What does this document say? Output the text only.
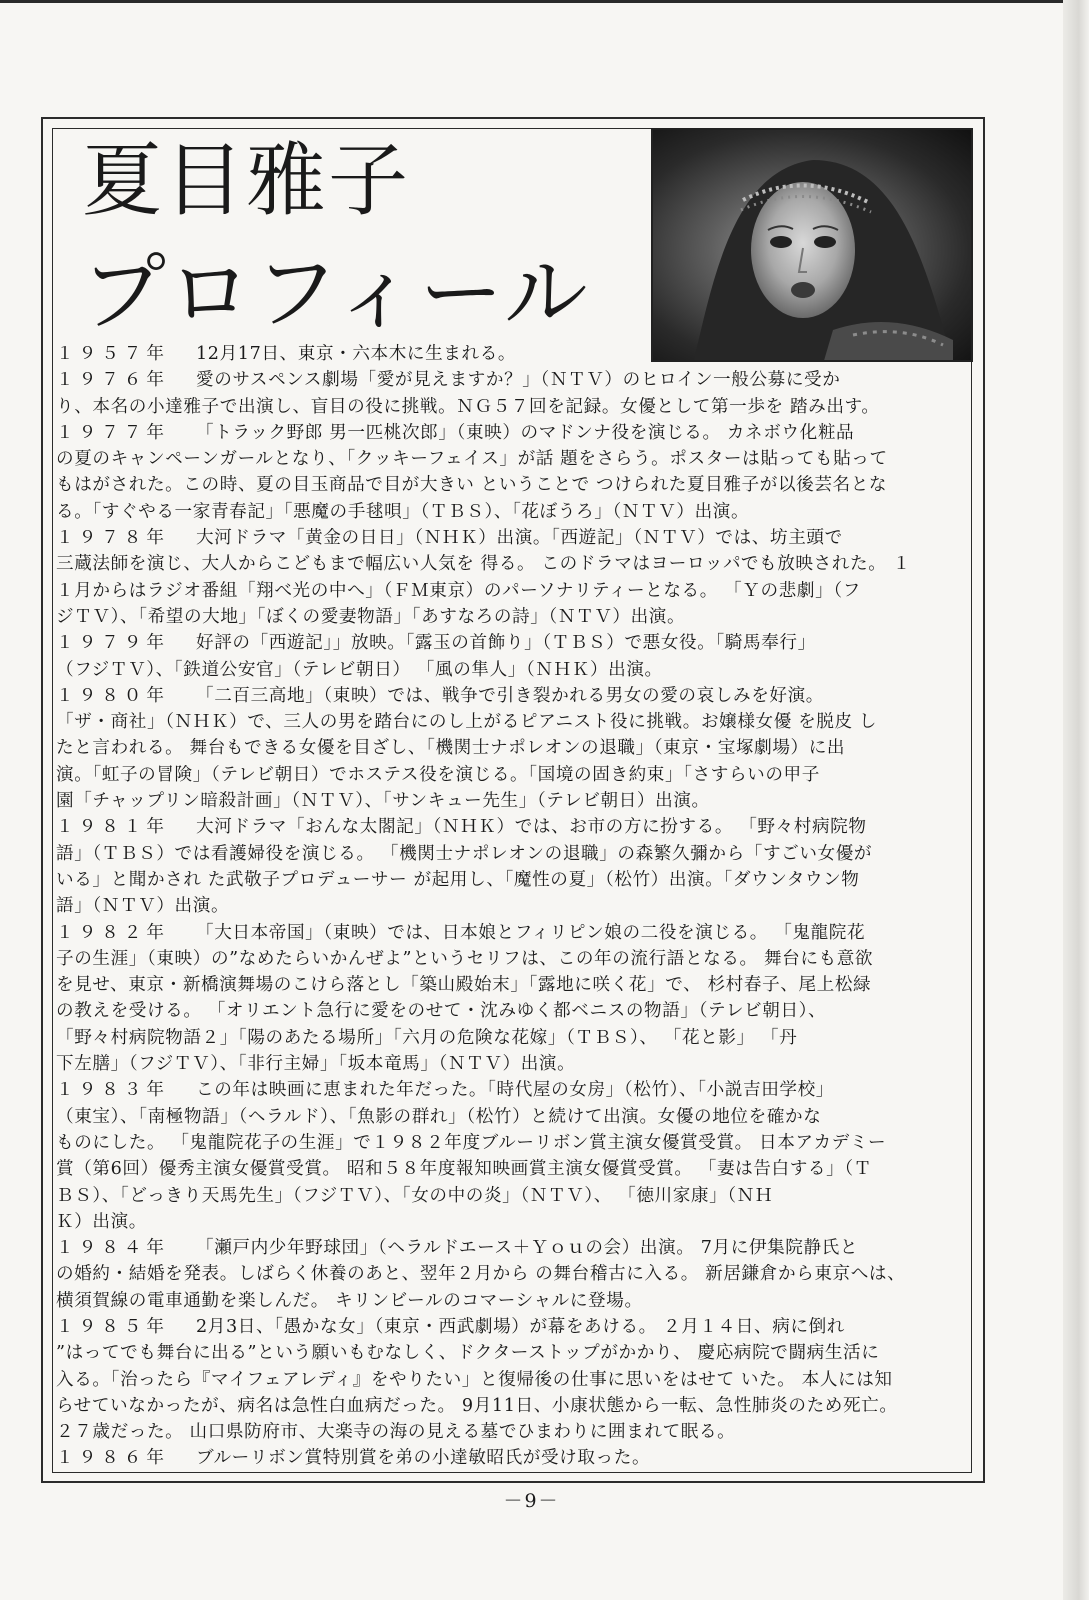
夏目雅子
プロフィール
１９５７年 12月17日、東京・六本木に生まれる。
１９７６年 愛のサスペンス劇場「愛が見えますか？」（ＮＴＶ）のヒロイン一般公募に受か
り、本名の小達雅子で出演し、盲目の役に挑戦。ＮＧ５７回を記録。女優として第一歩を 踏み出す。
１９７７年 「トラック野郎 男一匹桃次郎」（東映）のマドンナ役を演じる。 カネボウ化粧品
の夏のキャンペーンガールとなり、「クッキーフェイス」が話 題をさらう。ポスターは貼っても貼って
もはがされた。この時、夏の目玉商品で目が大きい ということで つけられた夏目雅子が以後芸名とな
る。「すぐやる一家青春記」「悪魔の手毬唄」（ＴＢＳ）、「花ぼうろ」（ＮＴＶ）出演。
１９７８年 大河ドラマ「黄金の日日」（ＮＨＫ）出演。「西遊記」（ＮＴＶ）では、坊主頭で
三蔵法師を演じ、大人からこどもまで幅広い人気を 得る。 このドラマはヨーロッパでも放映された。 １
１月からはラジオ番組「翔べ光の中へ」（ＦＭ東京）のパーソナリティーとなる。 「Ｙの悲劇」（フ
ジＴＶ）、「希望の大地」「ぼくの愛妻物語」「あすなろの詩」（ＮＴＶ）出演。
１９７９年 好評の「西遊記」」放映。「露玉の首飾り」（ＴＢＳ）で悪女役。「騎馬奉行」
（フジＴＶ）、「鉄道公安官」（テレビ朝日） 「風の隼人」（ＮＨＫ）出演。
１９８０年 「二百三高地」（東映）では、戦争で引き裂かれる男女の愛の哀しみを好演。
「ザ・商社」（ＮＨＫ）で、三人の男を踏台にのし上がるピアニスト役に挑戦。お嬢様女優 を脱皮 し
たと言われる。 舞台もできる女優を目ざし、「機関士ナポレオンの退職」（東京・宝塚劇場）に出
演。「虹子の冒険」（テレビ朝日）でホステス役を演じる。「国境の固き約束」「さすらいの甲子
園「チャップリン暗殺計画」（ＮＴＶ）、「サンキュー先生」（テレビ朝日）出演。
１９８１年 大河ドラマ「おんな太閤記」（ＮＨＫ）では、お市の方に扮する。 「野々村病院物
語」（ＴＢＳ）では看護婦役を演じる。 「機関士ナポレオンの退職」の森繁久彌から「すごい女優が
いる」と聞かされ た武敬子プロデューサー が起用し、「魔性の夏」（松竹）出演。「ダウンタウン物
語」（ＮＴＶ）出演。
１９８２年 「大日本帝国」（東映）では、日本娘とフィリピン娘の二役を演じる。 「鬼龍院花
子の生涯」（東映）の”なめたらいかんぜよ”というセリフは、この年の流行語となる。 舞台にも意欲
を見せ、東京・新橋演舞場のこけら落とし「築山殿始末」「露地に咲く花」で、 杉村春子、尾上松緑
の教えを受ける。 「オリエント急行に愛をのせて・沈みゆく都ベニスの物語」（テレビ朝日）、
「野々村病院物語２」「陽のあたる場所」「六月の危険な花嫁」（ＴＢＳ）、 「花と影」 「丹
下左膳」（フジＴＶ）、「非行主婦」「坂本竜馬」（ＮＴＶ）出演。
１９８３年 この年は映画に恵まれた年だった。「時代屋の女房」（松竹）、「小説吉田学校」
（東宝）、「南極物語」（ヘラルド）、「魚影の群れ」（松竹）と続けて出演。女優の地位を確かな
ものにした。 「鬼龍院花子の生涯」で１９８２年度ブルーリボン賞主演女優賞受賞。 日本アカデミー
賞（第6回）優秀主演女優賞受賞。 昭和５８年度報知映画賞主演女優賞受賞。 「妻は告白する」（Ｔ
ＢＳ）、「どっきり天馬先生」（フジＴＶ）、「女の中の炎」（ＮＴＶ）、 「徳川家康」（ＮＨ
Ｋ）出演。
１９８４年 「瀬戸内少年野球団」（ヘラルドエース＋Ｙｏｕの会）出演。 7月に伊集院静氏と
の婚約・結婚を発表。しばらく休養のあと、翌年２月から の舞台稽古に入る。 新居鎌倉から東京へは、
横須賀線の電車通勤を楽しんだ。 キリンビールのコマーシャルに登場。
１９８５年 2月3日、「愚かな女」（東京・西武劇場）が幕をあける。 ２月１４日、病に倒れ
”はってでも舞台に出る”という願いもむなしく、ドクターストップがかかり、 慶応病院で闘病生活に
入る。「治ったら『マイフェアレディ』をやりたい」と復帰後の仕事に思いをはせて いた。 本人には知
らせていなかったが、病名は急性白血病だった。 9月11日、小康状態から一転、急性肺炎のため死亡。
２７歳だった。 山口県防府市、大楽寺の海の見える墓でひまわりに囲まれて眠る。
１９８６年 ブルーリボン賞特別賞を弟の小達敏昭氏が受け取った。
－9－
